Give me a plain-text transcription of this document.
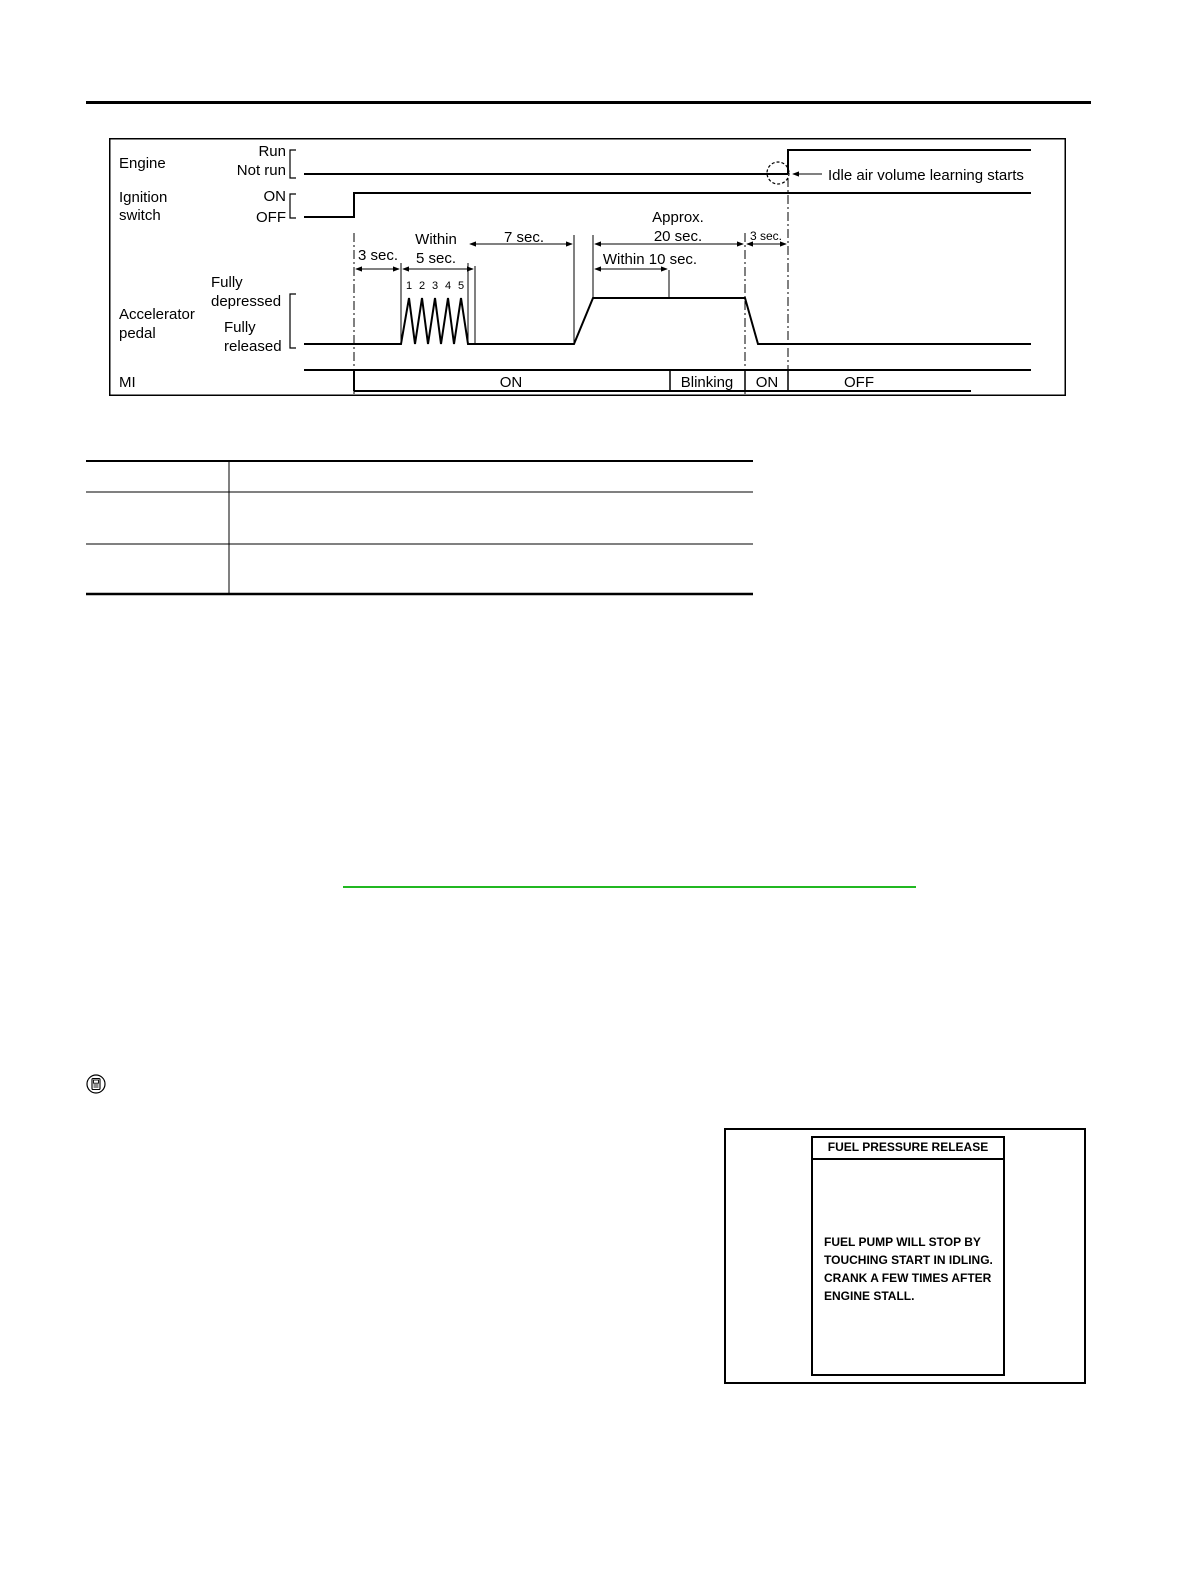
Engine
Ignition
switch
Accelerator
pedal
MI
Run
Not run
ON
OFF
Fully
depressed
Fully
released
Idle air volume learning starts
1 2 3 4 5
3 sec.
Within
5 sec.
7 sec.
Approx.
20 sec.
Within 10 sec.
3 sec.
ON	Blinking ON	OFF
FUEL PRESSURE RELEASE
FUEL PUMP WILL STOP BY
TOUCHING START IN IDLING.
CRANK A FEW TIMES AFTER
ENGINE STALL.
